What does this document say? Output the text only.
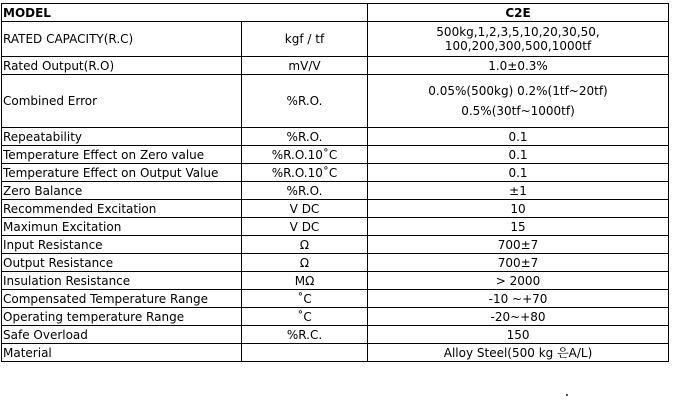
MODEL		C2E
RATED CAPACITY(R.C)	kgf / tf	500kg,1,2,3,5,10,20,30,50,
100,200,300,500,1000tf

Rated Output(R.O)	mV/V	1.0±0.3%
Combined Error	%R.O.	0.05%(500kg) 0.2%(1tf~20tf)
0.5%(30tf~1000tf)

Repeatability	%R.O.	0.1
Temperature Effect on Zero value	%R.O.10˚C	0.1
Temperature Effect on Output Value	%R.O.10˚C	0.1
Zero Balance	%R.O.	±1
Recommended Excitation	V DC	10
Maximun Excitation	V DC	15
Input Resistance	Ω	700±7
Output Resistance	Ω	700±7
Insulation Resistance	MΩ	> 2000
Compensated Temperature Range	˚C	-10 ~+70
Operating temperature Range	˚C	-20~+80
Safe Overload	%R.C.	150
Material		Alloy Steel(500 kg 은A/L)
